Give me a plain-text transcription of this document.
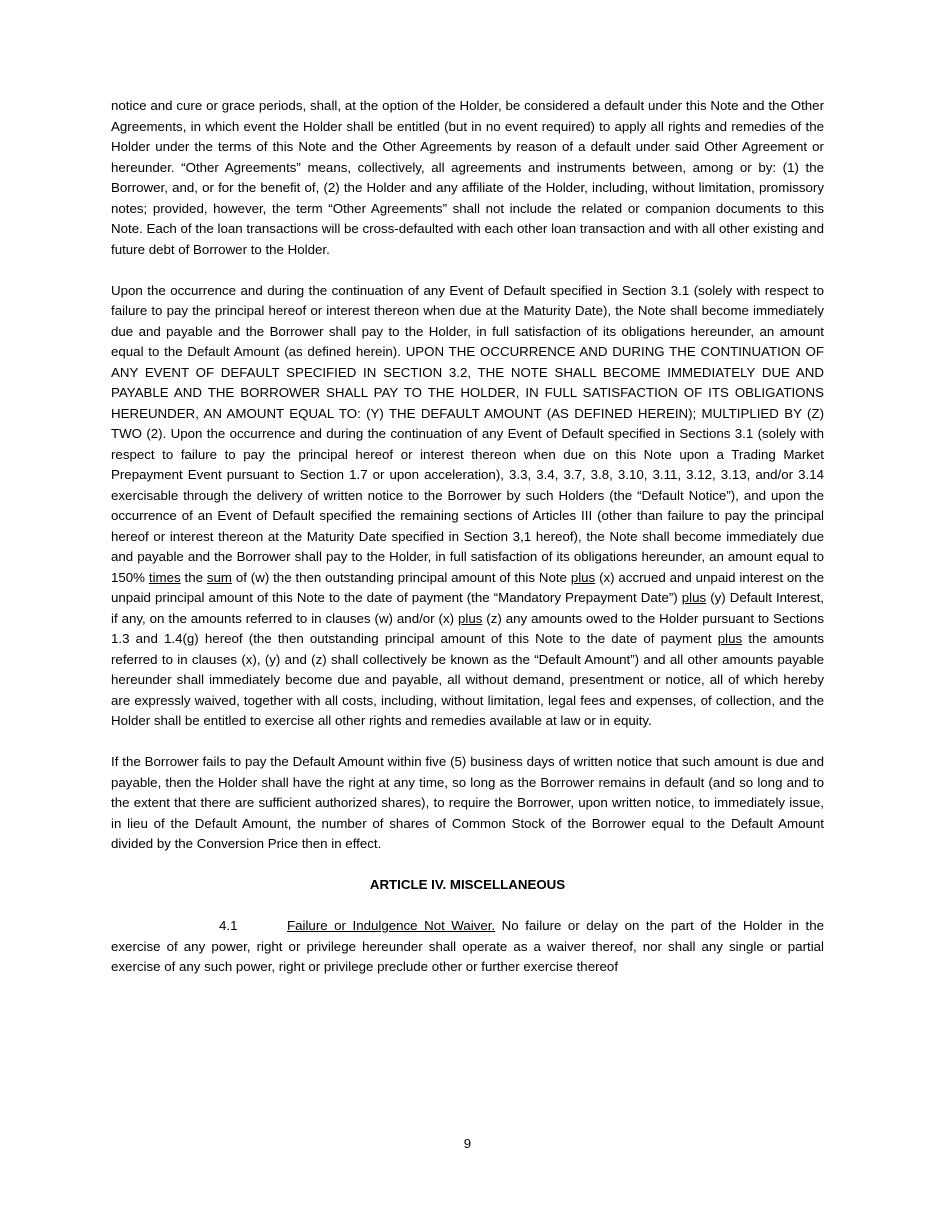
notice and cure or grace periods, shall, at the option of the Holder, be considered a default under this Note and the Other Agreements, in which event the Holder shall be entitled (but in no event required) to apply all rights and remedies of the Holder under the terms of this Note and the Other Agreements by reason of a default under said Other Agreement or hereunder. “Other Agreements” means, collectively, all agreements and instruments between, among or by: (1) the Borrower, and, or for the benefit of, (2) the Holder and any affiliate of the Holder, including, without limitation, promissory notes; provided, however, the term “Other Agreements” shall not include the related or companion documents to this Note. Each of the loan transactions will be cross-defaulted with each other loan transaction and with all other existing and future debt of Borrower to the Holder.

Upon the occurrence and during the continuation of any Event of Default specified in Section 3.1 (solely with respect to failure to pay the principal hereof or interest thereon when due at the Maturity Date), the Note shall become immediately due and payable and the Borrower shall pay to the Holder, in full satisfaction of its obligations hereunder, an amount equal to the Default Amount (as defined herein). UPON THE OCCURRENCE AND DURING THE CONTINUATION OF ANY EVENT OF DEFAULT SPECIFIED IN SECTION 3.2, THE NOTE SHALL BECOME IMMEDIATELY DUE AND PAYABLE AND THE BORROWER SHALL PAY TO THE HOLDER, IN FULL SATISFACTION OF ITS OBLIGATIONS HEREUNDER, AN AMOUNT EQUAL TO: (Y) THE DEFAULT AMOUNT (AS DEFINED HEREIN); MULTIPLIED BY (Z) TWO (2). Upon the occurrence and during the continuation of any Event of Default specified in Sections 3.1 (solely with respect to failure to pay the principal hereof or interest thereon when due on this Note upon a Trading Market Prepayment Event pursuant to Section 1.7 or upon acceleration), 3.3, 3.4, 3.7, 3.8, 3.10, 3.11, 3.12, 3.13, and/or 3.14 exercisable through the delivery of written notice to the Borrower by such Holders (the “Default Notice”), and upon the occurrence of an Event of Default specified the remaining sections of Articles III (other than failure to pay the principal hereof or interest thereon at the Maturity Date specified in Section 3,1 hereof), the Note shall become immediately due and payable and the Borrower shall pay to the Holder, in full satisfaction of its obligations hereunder, an amount equal to 150% times the sum of (w) the then outstanding principal amount of this Note plus (x) accrued and unpaid interest on the unpaid principal amount of this Note to the date of payment (the “Mandatory Prepayment Date”) plus (y) Default Interest, if any, on the amounts referred to in clauses (w) and/or (x) plus (z) any amounts owed to the Holder pursuant to Sections 1.3 and 1.4(g) hereof (the then outstanding principal amount of this Note to the date of payment plus the amounts referred to in clauses (x), (y) and (z) shall collectively be known as the “Default Amount”) and all other amounts payable hereunder shall immediately become due and payable, all without demand, presentment or notice, all of which hereby are expressly waived, together with all costs, including, without limitation, legal fees and expenses, of collection, and the Holder shall be entitled to exercise all other rights and remedies available at law or in equity.

If the Borrower fails to pay the Default Amount within five (5) business days of written notice that such amount is due and payable, then the Holder shall have the right at any time, so long as the Borrower remains in default (and so long and to the extent that there are sufficient authorized shares), to require the Borrower, upon written notice, to immediately issue, in lieu of the Default Amount, the number of shares of Common Stock of the Borrower equal to the Default Amount divided by the Conversion Price then in effect.

ARTICLE IV. MISCELLANEOUS

4.1	Failure or Indulgence Not Waiver. No failure or delay on the part of the Holder in the exercise of any power, right or privilege hereunder shall operate as a waiver thereof, nor shall any single or partial exercise of any such power, right or privilege preclude other or further exercise thereof

9
